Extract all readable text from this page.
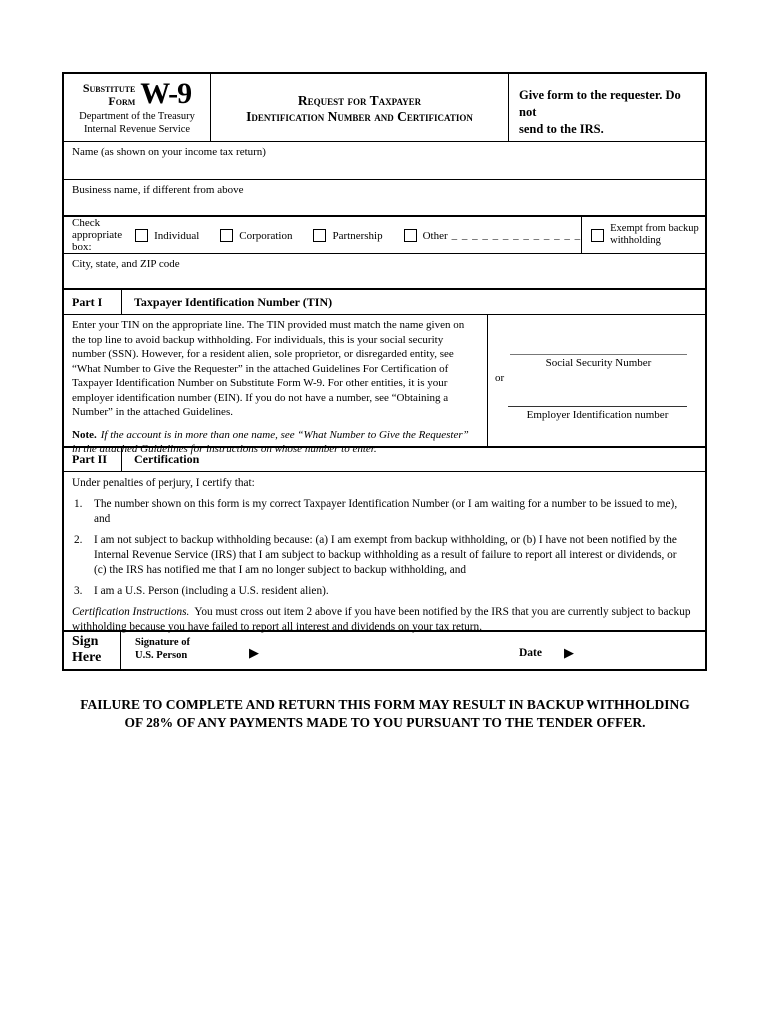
Substitute
Form W-9
Department of the Treasury
Internal Revenue Service
Request for Taxpayer
Identification Number and Certification
Give form to the requester. Do not
send to the IRS.
Name (as shown on your income tax return)
Business name, if different from above
Check appropriate box:
Individual	Corporation	Partnership	Other _ _ _ _ _ _ _ _ _ _ _ _ _
Exempt from backup withholding
City, state, and ZIP code
Part I	Taxpayer Identification Number (TIN)
Enter your TIN on the appropriate line. The TIN provided must match the name given on the top line to avoid backup withholding. For individuals, this is your social security number (SSN). However, for a resident alien, sole proprietor, or disregarded entity, see “What Number to Give the Requester” in the attached Guidelines For Certification of Taxpayer Identification Number on Substitute Form W-9. For other entities, it is your employer identification number (EIN). If you do not have a number, see “Obtaining a Number” in the attached Guidelines.
Note. If the account is in more than one name, see “What Number to Give the Requester” in the attached Guidelines for instructions on whose number to enter.
Social Security Number
or
Employer Identification number
Part II	Certification
Under penalties of perjury, I certify that:
1.	The number shown on this form is my correct Taxpayer Identification Number (or I am waiting for a number to be issued to me), and
2.	I am not subject to backup withholding because: (a) I am exempt from backup withholding, or (b) I have not been notified by the Internal Revenue Service (IRS) that I am subject to backup withholding as a result of failure to report all interest or dividends, or (c) the IRS has notified me that I am no longer subject to backup withholding, and
3.	I am a U.S. Person (including a U.S. resident alien).
Certification Instructions. You must cross out item 2 above if you have been notified by the IRS that you are currently subject to backup withholding because you have failed to report all interest and dividends on your tax return.
Sign
Here
Signature of
U.S. Person	▶	Date ▶
FAILURE TO COMPLETE AND RETURN THIS FORM MAY RESULT IN BACKUP WITHHOLDING
OF 28% OF ANY PAYMENTS MADE TO YOU PURSUANT TO THE TENDER OFFER.
